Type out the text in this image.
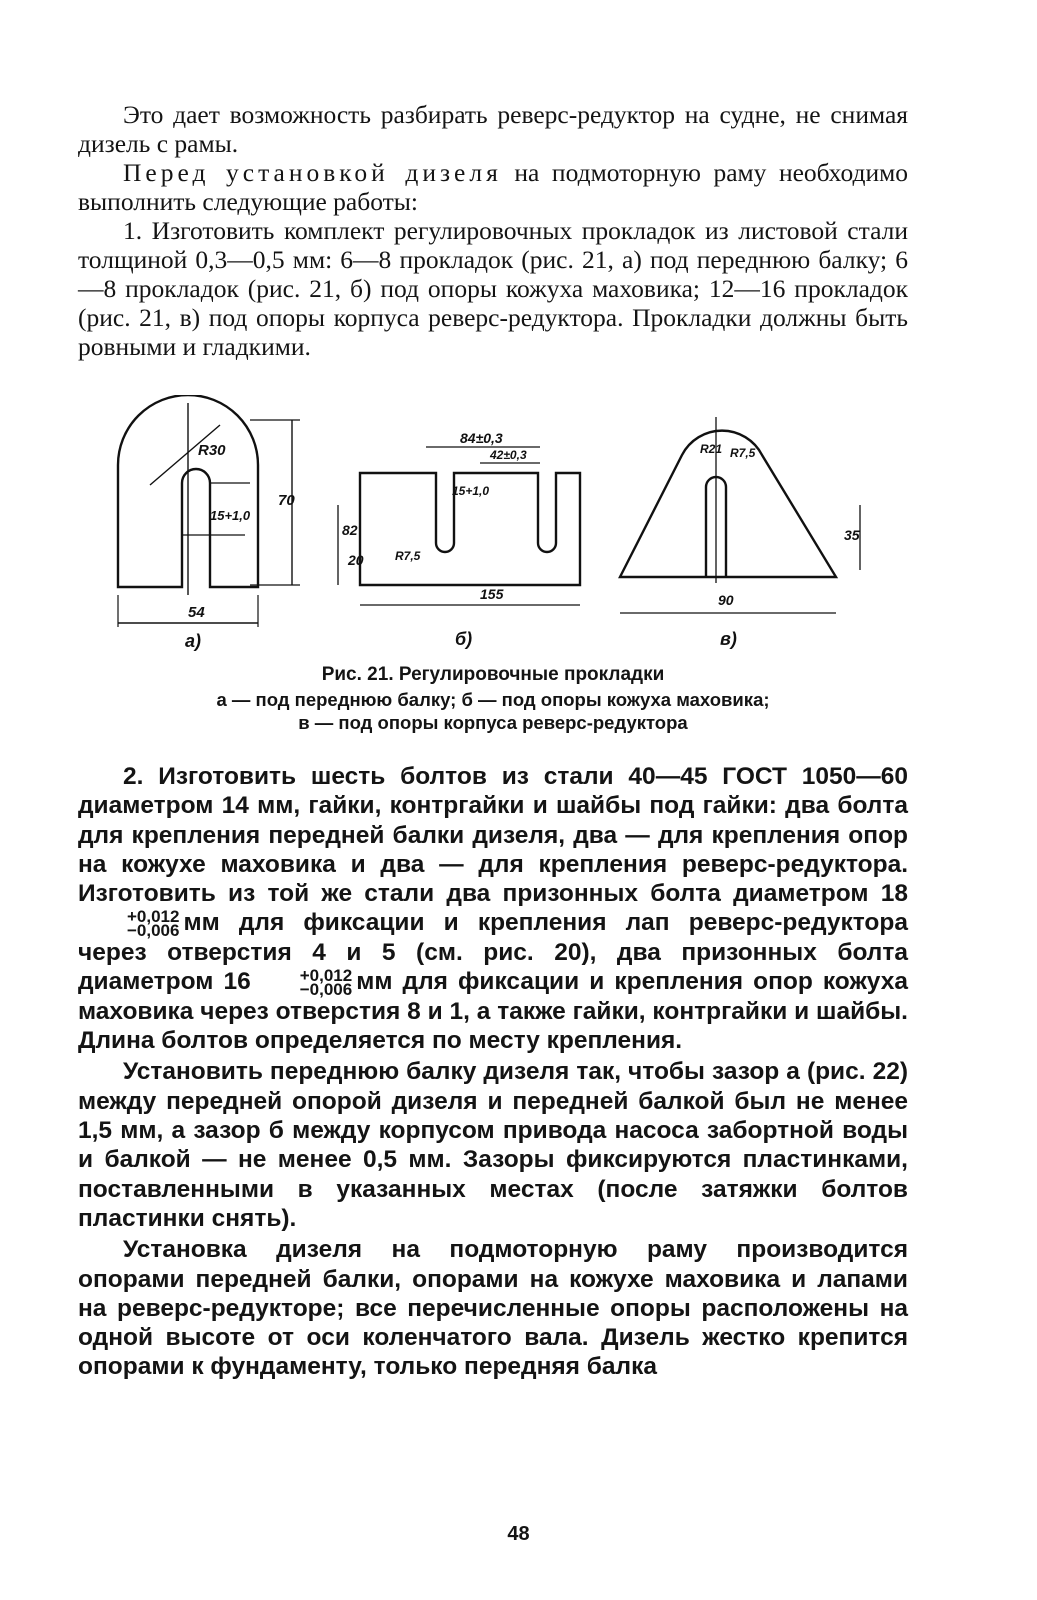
Это дает возможность разбирать реверс-редуктор на судне, не снимая дизель с рамы.

Перед установкой дизеля на подмоторную раму необходимо выполнить следующие работы:

1. Изготовить комплект регулировочных прокладок из листовой стали толщиной 0,3—0,5 мм: 6—8 прокладок (рис. 21, а) под переднюю балку; 6—8 прокладок (рис. 21, б) под опоры кожуха маховика; 12—16 прокладок (рис. 21, в) под опоры корпуса реверс-редуктора. Прокладки должны быть ровными и гладкими.

R30
15+1,0
70
54
а)
84±0,3
42±0,3
15+1,0
82
20	R7,5
155
б)
R21 R7,5
35
90
в)
Рис. 21. Регулировочные прокладки
а — под переднюю балку; б — под опоры кожуха маховика;
в — под опоры корпуса реверс-редуктора

2. Изготовить шесть болтов из стали 40—45 ГОСТ 1050—60 диаметром 14 мм, гайки, контргайки и шайбы под гайки: два болта для крепления передней балки дизеля, два — для крепления опор на кожухе маховика и два — для крепления реверс-редуктора. Изготовить из той же стали два призонных болта диаметром 18
+0,012
−0,006 мм для фиксации и крепления лап реверс-редуктора через отверстия 4 и 5 (см. рис. 20), два призонных болта диаметром 16	+0,012
−0,006 мм для фиксации и крепления опор кожуха маховика через отверстия 8 и 1, а также гайки, контргайки и шайбы. Длина болтов определяется по месту крепления.

Установить переднюю балку дизеля так, чтобы зазор а (рис. 22) между передней опорой дизеля и передней балкой был не менее 1,5 мм, а зазор б между корпусом привода насоса забортной воды и балкой — не менее 0,5 мм. Зазоры фиксируются пластинками, поставленными в указанных местах (после затяжки болтов пластинки снять).

Установка дизеля на подмоторную раму производится опорами передней балки, опорами на кожухе маховика и лапами на реверс-редукторе; все перечисленные опоры расположены на одной высоте от оси коленчатого вала. Дизель жестко крепится опорами к фундаменту, только передняя балка

48
